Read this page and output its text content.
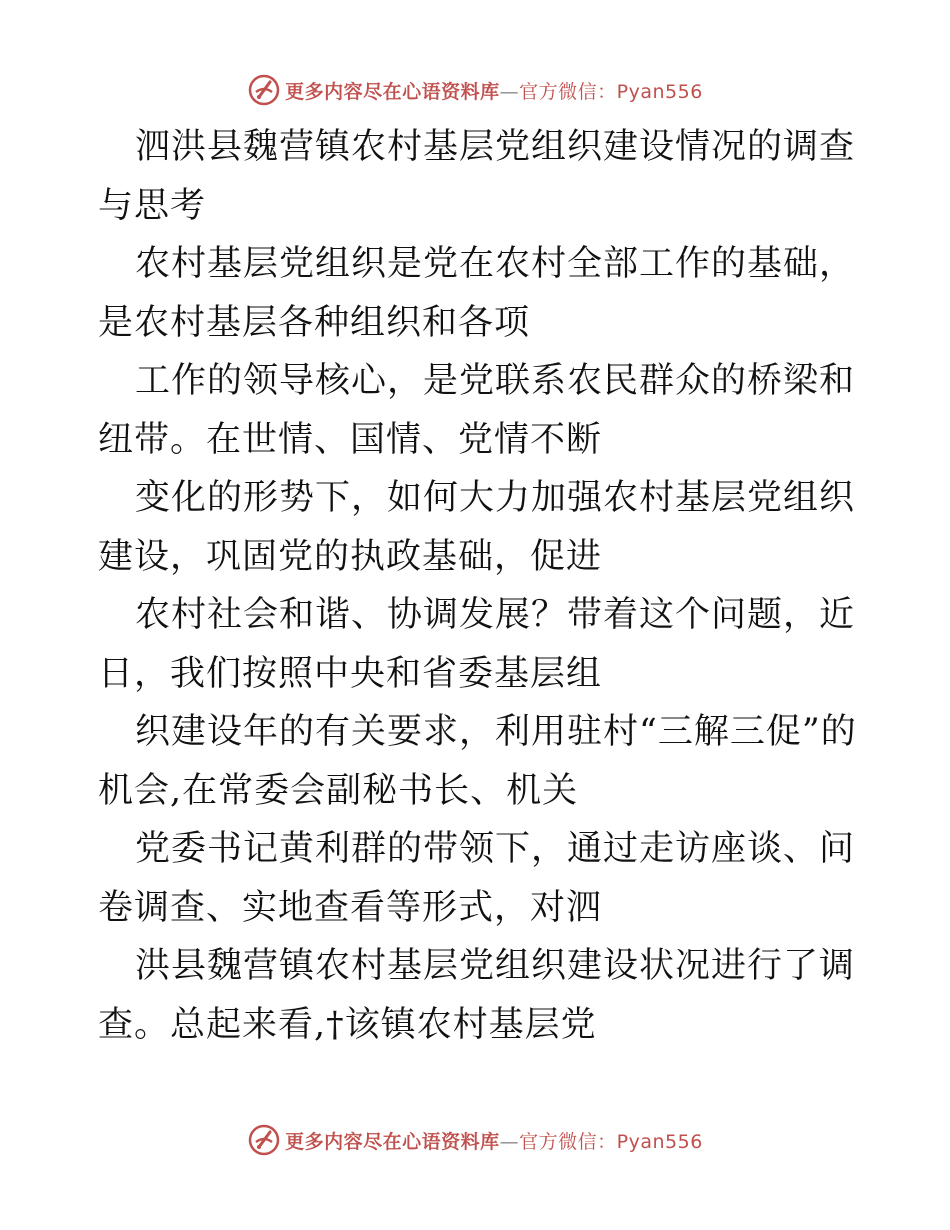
更多内容尽在心语资料库—官方微信：Pyan556

泗洪县魏营镇农村基层党组织建设情况的调查与思考

农村基层党组织是党在农村全部工作的基础，是农村基层各种组织和各项

工作的领导核心，是党联系农民群众的桥梁和纽带。在世情、国情、党情不断

变化的形势下，如何大力加强农村基层党组织建设，巩固党的执政基础，促进

农村社会和谐、协调发展？带着这个问题，近日，我们按照中央和省委基层组

织建设年的有关要求，利用驻村“三解三促”的机会,在常委会副秘书长、机关

党委书记黄利群的带领下，通过走访座谈、问卷调查、实地查看等形式，对泗

洪县魏营镇农村基层党组织建设状况进行了调查。总起来看,†该镇农村基层党

更多内容尽在心语资料库—官方微信：Pyan556
